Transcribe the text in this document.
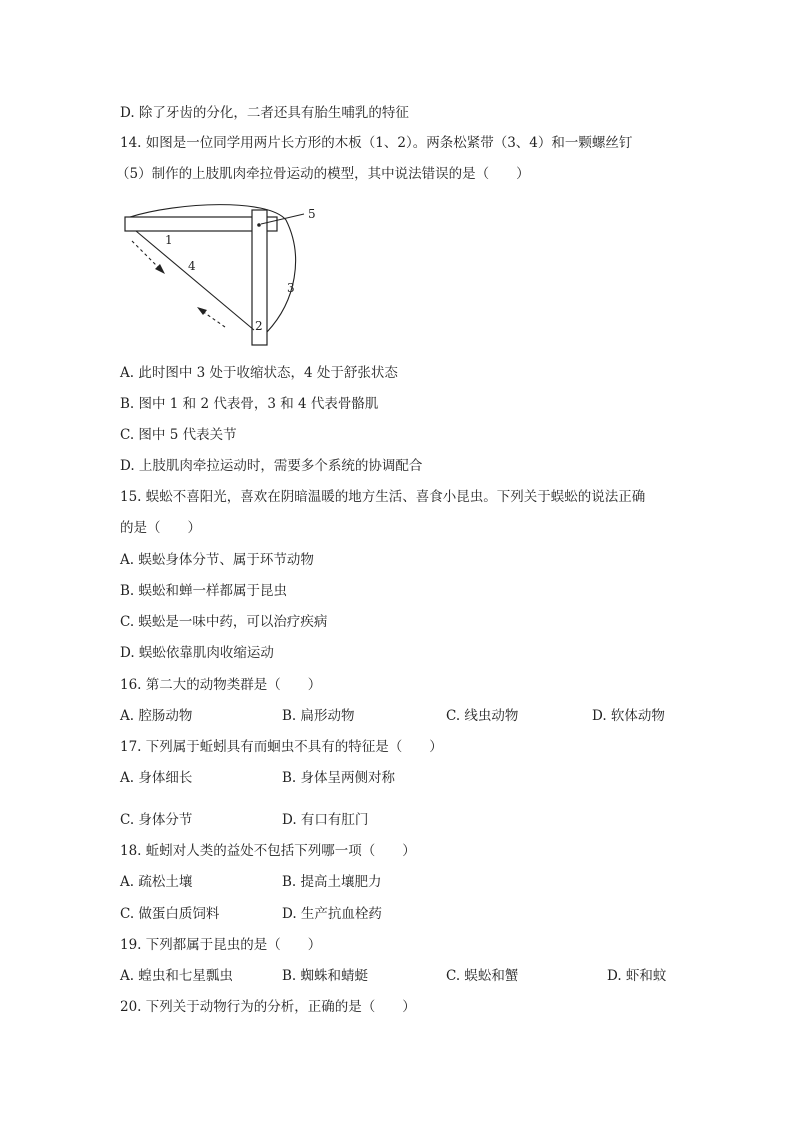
D. 除了牙齿的分化，二者还具有胎生哺乳的特征
14. 如图是一位同学用两片长方形的木板（1、2）。两条松紧带（3、4）和一颗螺丝钉
（5）制作的上肢肌肉牵拉骨运动的模型，其中说法错误的是（　　）
1
4
3
2
5
A. 此时图中 3 处于收缩状态，4 处于舒张状态
B. 图中 1 和 2 代表骨，3 和 4 代表骨骼肌
C. 图中 5 代表关节
D. 上肢肌肉牵拉运动时，需要多个系统的协调配合
15. 蜈蚣不喜阳光，喜欢在阴暗温暖的地方生活、喜食小昆虫。下列关于蜈蚣的说法正确
的是（　　）
A. 蜈蚣身体分节、属于环节动物
B. 蜈蚣和蝉一样都属于昆虫
C. 蜈蚣是一味中药，可以治疗疾病
D. 蜈蚣依靠肌肉收缩运动
16. 第二大的动物类群是（　　）
A. 腔肠动物	B. 扁形动物	C. 线虫动物	D. 软体动物
17. 下列属于蚯蚓具有而蛔虫不具有的特征是（　　）
A. 身体细长	B. 身体呈两侧对称
C. 身体分节	D. 有口有肛门
18. 蚯蚓对人类的益处不包括下列哪一项（　　）
A. 疏松土壤	B. 提高土壤肥力
C. 做蛋白质饲料	D. 生产抗血栓药
19. 下列都属于昆虫的是（　　）
A. 蝗虫和七星瓢虫	B. 蜘蛛和蜻蜓	C. 蜈蚣和蟹	D. 虾和蚊
20. 下列关于动物行为的分析，正确的是（　　）
